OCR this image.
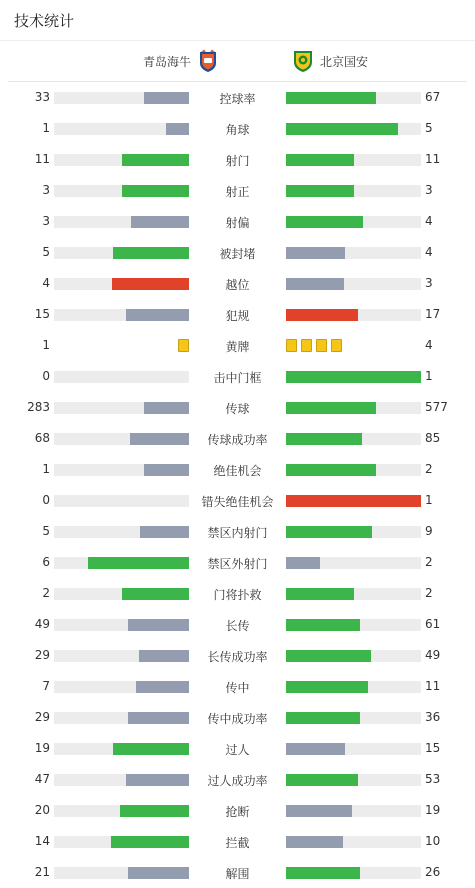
技术统计
青岛海牛	北京国安
33	控球率	67
1	角球	5
11	射门	11
3	射正	3
3	射偏	4
5	被封堵	4
4	越位	3
15	犯规	17
1	黄牌	4
0	击中门框	1
283	传球	577
68	传球成功率	85
1	绝佳机会	2
0	错失绝佳机会	1
5	禁区内射门	9
6	禁区外射门	2
2	门将扑救	2
49	长传	61
29	长传成功率	49
7	传中	11
29	传中成功率	36
19	过人	15
47	过人成功率	53
20	抢断	19
14	拦截	10
21	解围	26
